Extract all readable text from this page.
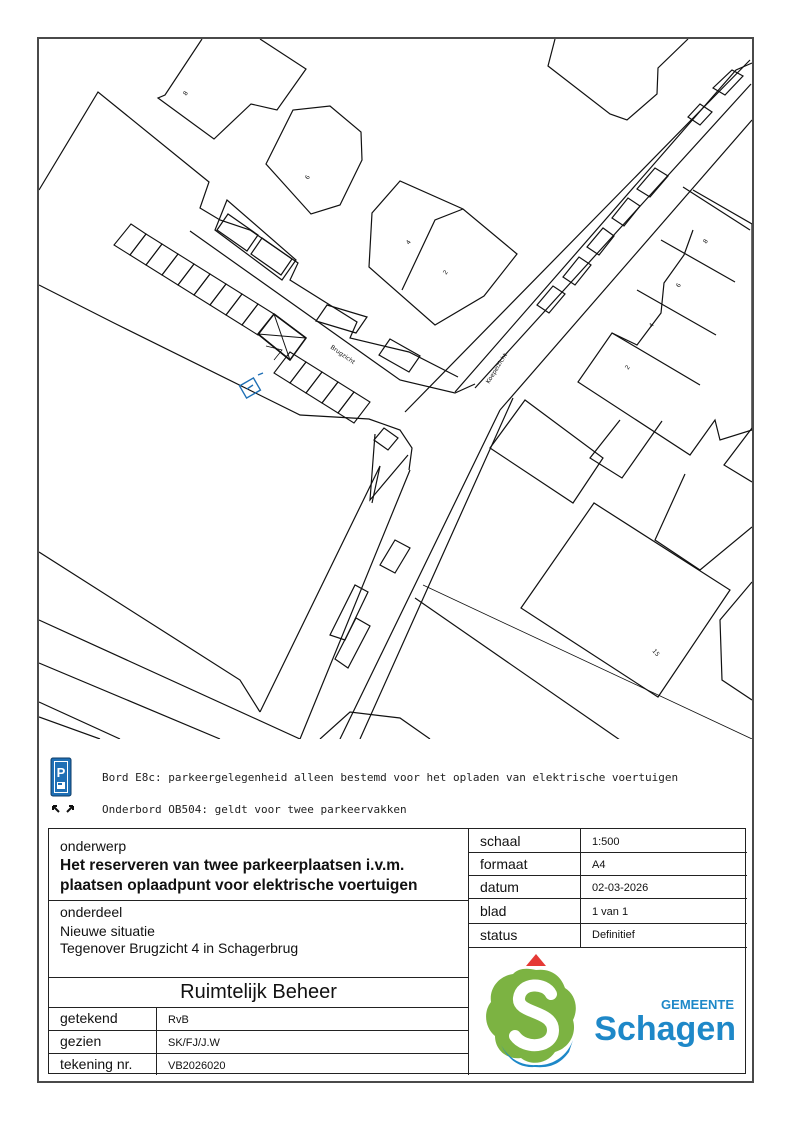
8
6
4
2
8
6
4
2
15
Brugzicht	Koepelzicht
P	Bord E8c: parkeergelegenheid alleen bestemd voor het opladen van elektrische voertuigen
Onderbord OB504: geldt voor twee parkeervakken
onderwerp
Het reserveren van twee parkeerplaatsen i.v.m.
plaatsen oplaadpunt voor elektrische voertuigen
onderdeel
Nieuwe situatie
Tegenover Brugzicht 4 in Schagerbrug
Ruimtelijk Beheer
getekend	RvB
gezien	SK/FJ/J.W
tekening nr.	VB2026020
schaal	1:500
formaat	A4
datum	02-03-2026
blad	1 van 1
status	Definitief
GEMEENTE
Schagen
